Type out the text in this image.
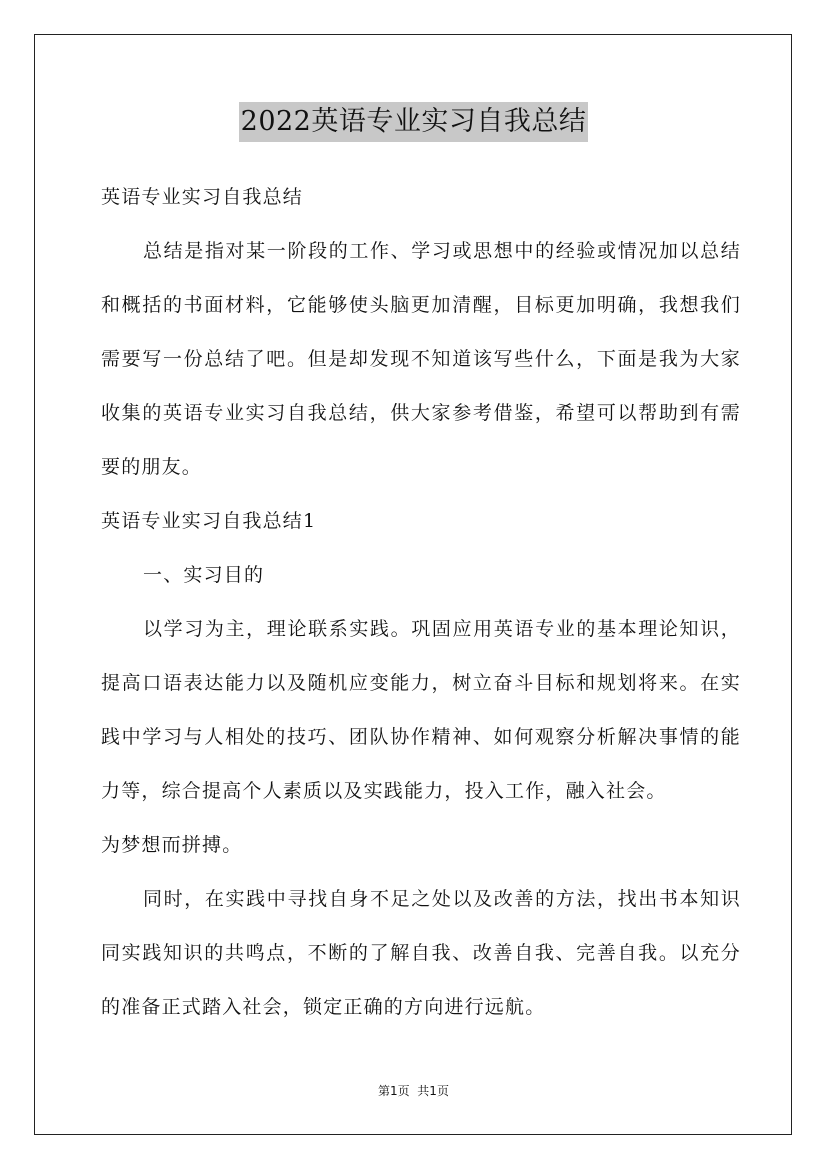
2022英语专业实习自我总结

英语专业实习自我总结

总结是指对某一阶段的工作、学习或思想中的经验或情况加以总结和概括的书面材料，它能够使头脑更加清醒，目标更加明确，我想我们需要写一份总结了吧。但是却发现不知道该写些什么，下面是我为大家收集的英语专业实习自我总结，供大家参考借鉴，希望可以帮助到有需要的朋友。

英语专业实习自我总结1

一、实习目的

以学习为主，理论联系实践。巩固应用英语专业的基本理论知识，提高口语表达能力以及随机应变能力，树立奋斗目标和规划将来。在实践中学习与人相处的技巧、团队协作精神、如何观察分析解决事情的能力等，综合提高个人素质以及实践能力，投入工作，融入社会。

为梦想而拼搏。

同时，在实践中寻找自身不足之处以及改善的方法，找出书本知识同实践知识的共鸣点，不断的了解自我、改善自我、完善自我。以充分的准备正式踏入社会，锁定正确的方向进行远航。

第1页  共1页
